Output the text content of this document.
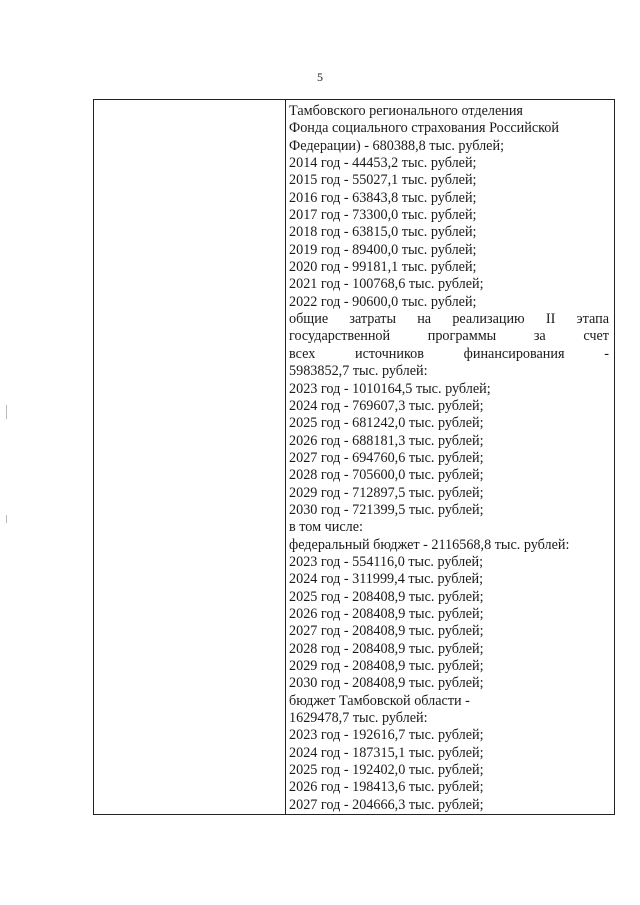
5
Тамбовского регионального отделения
Фонда социального страхования Российской
Федерации) - 680388,8 тыс. рублей;
2014 год - 44453,2 тыс. рублей;
2015 год - 55027,1 тыс. рублей;
2016 год - 63843,8 тыс. рублей;
2017 год - 73300,0 тыс. рублей;
2018 год - 63815,0 тыс. рублей;
2019 год - 89400,0 тыс. рублей;
2020 год - 99181,1 тыс. рублей;
2021 год - 100768,6 тыс. рублей;
2022 год - 90600,0 тыс. рублей;
общие затраты на реализацию II этапа
государственной	программы	за	счет
всех	источников	финансирования	-
5983852,7 тыс. рублей:
2023 год - 1010164,5 тыс. рублей;
2024 год - 769607,3 тыс. рублей;
2025 год - 681242,0 тыс. рублей;
2026 год - 688181,3 тыс. рублей;
2027 год - 694760,6 тыс. рублей;
2028 год - 705600,0 тыс. рублей;
2029 год - 712897,5 тыс. рублей;
2030 год - 721399,5 тыс. рублей;
в том числе:
федеральный бюджет - 2116568,8 тыс. рублей:
2023 год - 554116,0 тыс. рублей;
2024 год - 311999,4 тыс. рублей;
2025 год - 208408,9 тыс. рублей;
2026 год - 208408,9 тыс. рублей;
2027 год - 208408,9 тыс. рублей;
2028 год - 208408,9 тыс. рублей;
2029 год - 208408,9 тыс. рублей;
2030 год - 208408,9 тыс. рублей;
бюджет Тамбовской области -
1629478,7 тыс. рублей:
2023 год - 192616,7 тыс. рублей;
2024 год - 187315,1 тыс. рублей;
2025 год - 192402,0 тыс. рублей;
2026 год - 198413,6 тыс. рублей;
2027 год - 204666,3 тыс. рублей;
